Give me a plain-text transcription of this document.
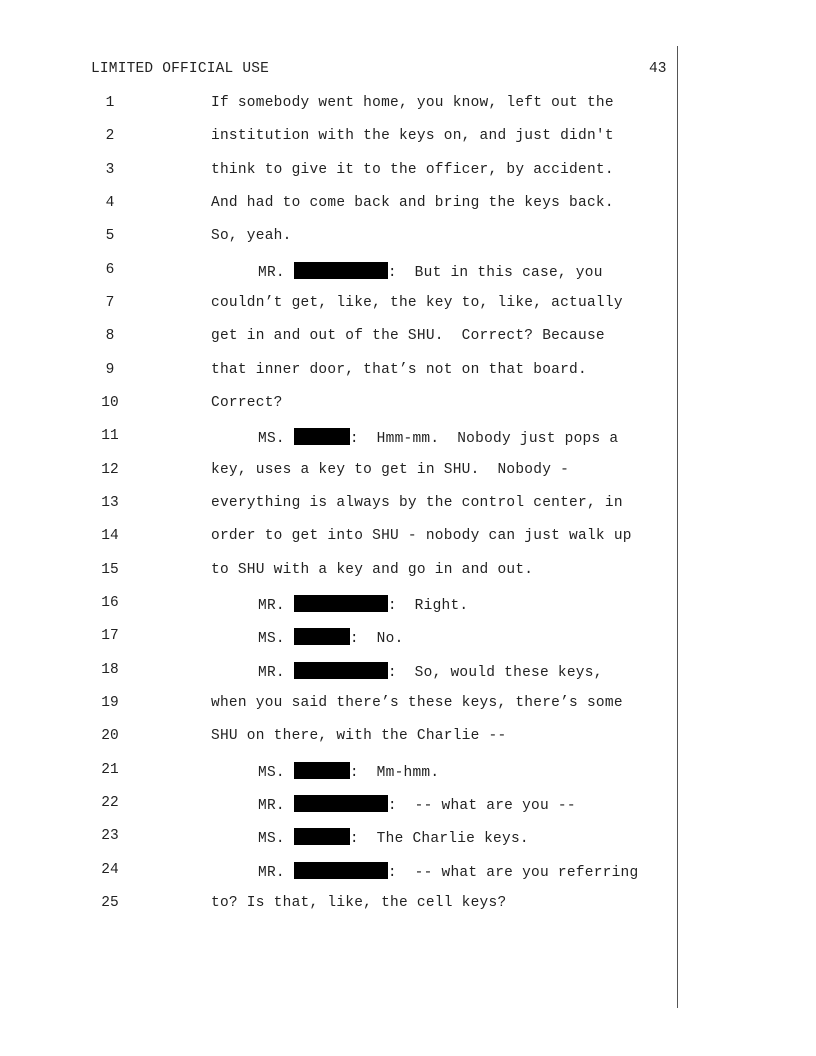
LIMITED OFFICIAL USE	43
1	If somebody went home, you know, left out the
2	institution with the keys on, and just didn't
3	think to give it to the officer, by accident.
4	And had to come back and bring the keys back.
5	So, yeah.
6	MR.	:  But in this case, you
7	couldn’t get, like, the key to, like, actually
8	get in and out of the SHU.  Correct? Because
9	that inner door, that’s not on that board.
10	Correct?
11	MS.	:  Hmm-mm.  Nobody just pops a
12	key, uses a key to get in SHU.  Nobody -
13	everything is always by the control center, in
14	order to get into SHU - nobody can just walk up
15	to SHU with a key and go in and out.
16	MR.	:  Right.
17	MS.	:  No.
18	MR.	:  So, would these keys,
19	when you said there’s these keys, there’s some
20	SHU on there, with the Charlie --
21	MS.	:  Mm-hmm.
22	MR.	:  -- what are you --
23	MS.	:  The Charlie keys.
24	MR.	:  -- what are you referring
25	to? Is that, like, the cell keys?
